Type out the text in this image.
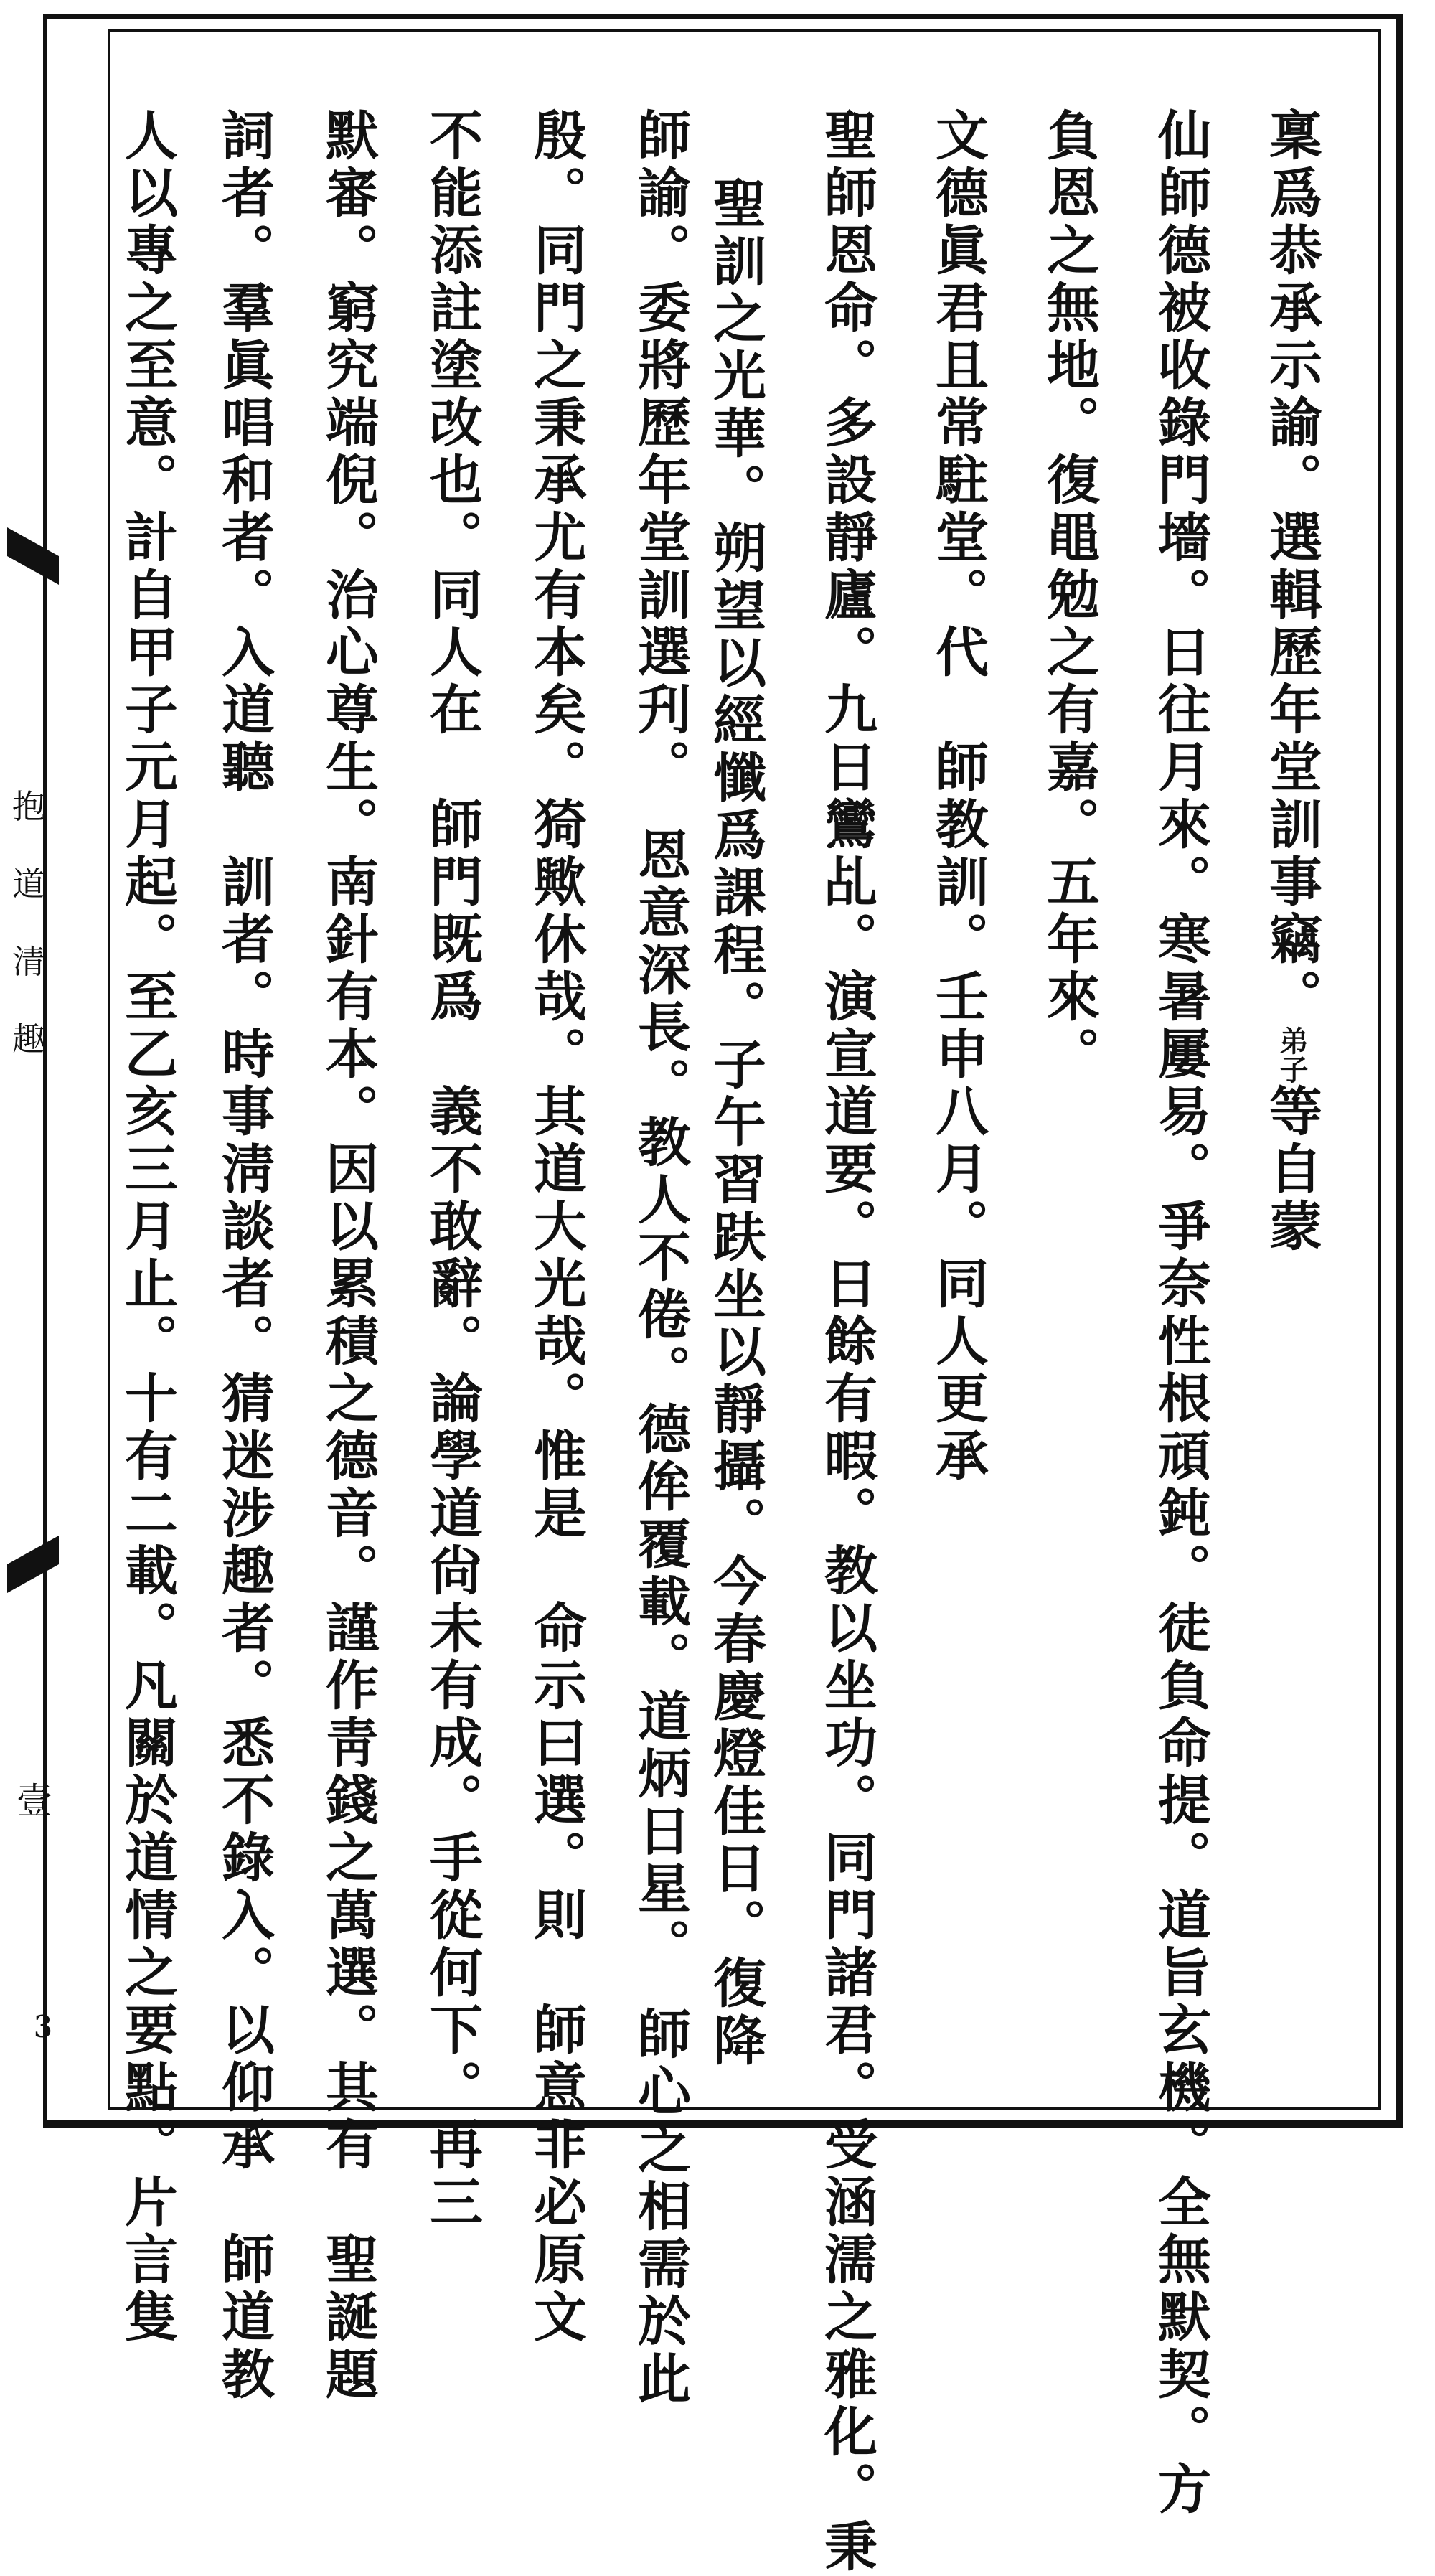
抱
道
清
趣
壹
3
稟爲恭承示諭。選輯歷年堂訓事竊。弟子等自蒙
仙師德被收錄門墻。日往月來。寒暑屢易。爭奈性根頑鈍。徒負命提。道旨玄機。全無默契。方
負恩之無地。復黽勉之有嘉。五年來。
文德眞君且常駐堂。代　師教訓。壬申八月。同人更承
聖師恩命。多設靜廬。九日鸞乩。演宣道要。日餘有暇。教以坐功。同門諸君。受涵濡之雅化。秉
聖訓之光華。朔望以經懺爲課程。子午習趺坐以靜攝。今春慶燈佳日。復降
師諭。委將歷年堂訓選刋。　恩意深長。教人不倦。德侔覆載。道炳日星。　師心之相需於此
殷。同門之秉承尤有本矣。猗歟休哉。其道大光哉。惟是　命示曰選。則　師意非必原文
不能添註塗改也。同人在　師門既爲　義不敢辭。論學道尙未有成。手從何下。再三
默審。窮究端倪。治心尊生。南針有本。因以累積之德音。謹作靑錢之萬選。其有　聖誕題
詞者。羣眞唱和者。入道聽　訓者。時事淸談者。猜迷涉趣者。悉不錄入。以仰承　師道教
人以專之至意。計自甲子元月起。至乙亥三月止。十有二載。凡關於道情之要點。片言隻
